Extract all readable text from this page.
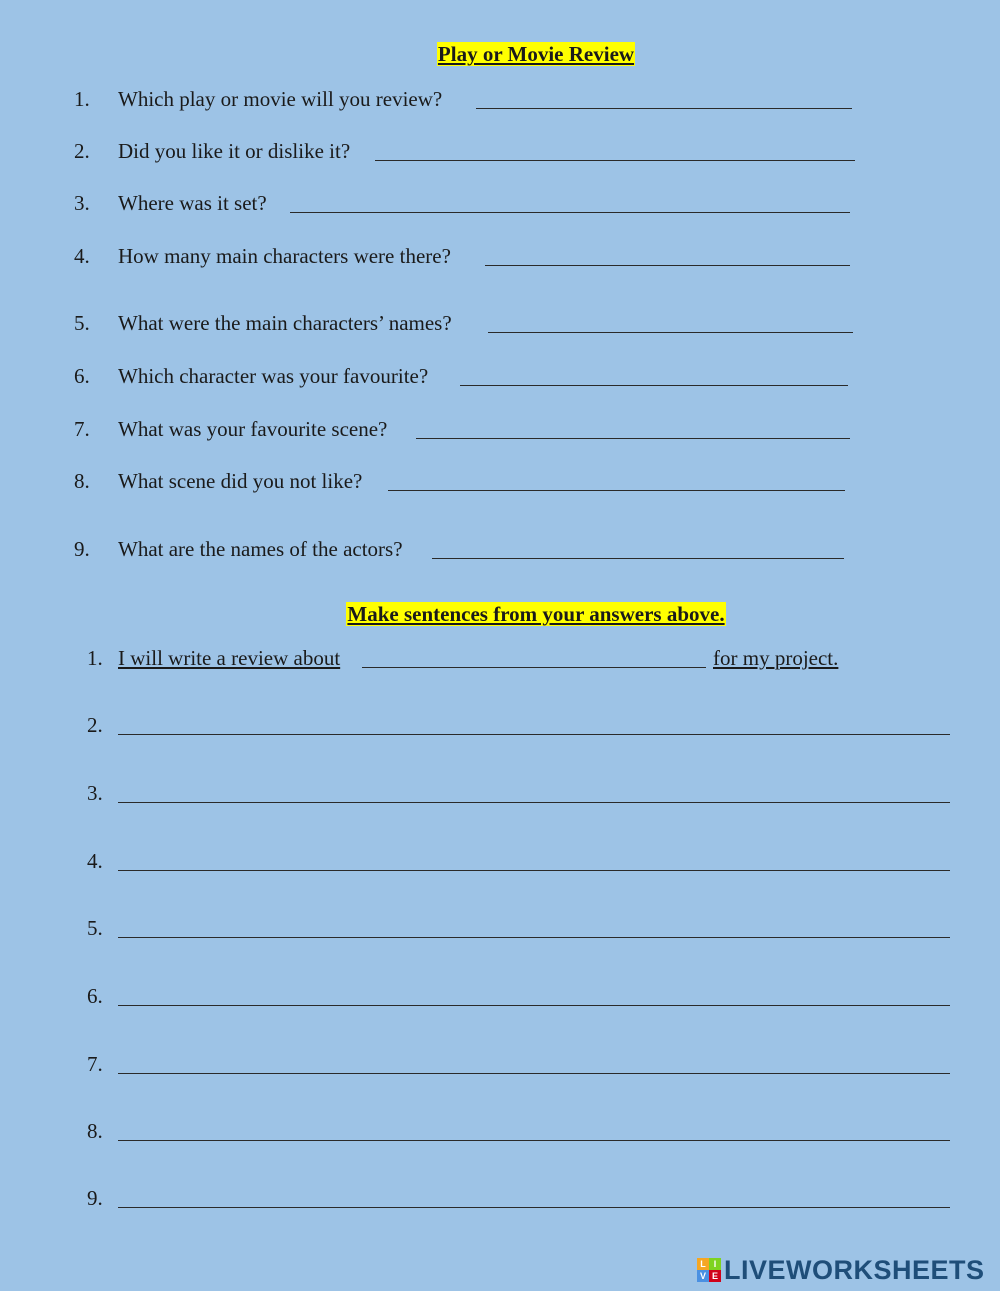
Play or Movie Review
1. Which play or movie will you review?
2. Did you like it or dislike it?
3. Where was it set?
4. How many main characters were there?
5. What were the main characters’ names?
6. Which character was your favourite?
7. What was your favourite scene?
8. What scene did you not like?
9. What are the names of the actors?
Make sentences from your answers above.
1. I will write a review about	for my project.
2.
3.
4.
5.
6.
7.
8.
9.
L I
V E LIVEWORKSHEETS
